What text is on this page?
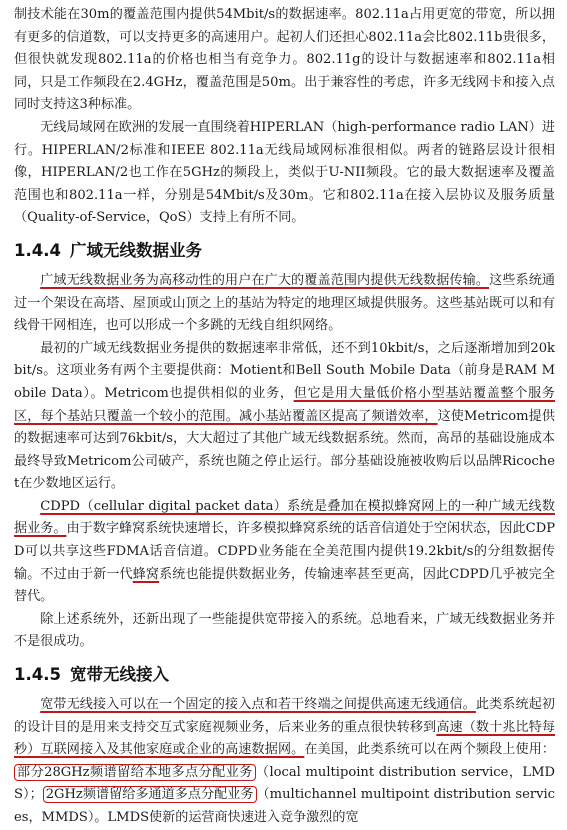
制技术能在30m的覆盖范围内提供54Mbit/s的数据速率。802.11a占用更宽的带宽，所以拥有更多的信道数，可以支持更多的高速用户。起初人们还担心802.11a会比802.11b贵很多，但很快就发现802.11a的价格也相当有竞争力。802.11g的设计与数据速率和802.11a相同，只是工作频段在2.4GHz，覆盖范围是50m。出于兼容性的考虑，许多无线网卡和接入点同时支持这3种标准。

无线局域网在欧洲的发展一直围绕着HIPERLAN（high-performance radio LAN）进行。HIPERLAN/2标准和IEEE 802.11a无线局域网标准很相似。两者的链路层设计很相像，HIPERLAN/2也工作在5GHz的频段上，类似于U-NII频段。它的最大数据速率及覆盖范围也和802.11a一样，分别是54Mbit/s及30m。它和802.11a在接入层协议及服务质量（Quality-of-Service，QoS）支持上有所不同。

1.4.4 广域无线数据业务

广域无线数据业务为高移动性的用户在广大的覆盖范围内提供无线数据传输。这些系统通过一个架设在高塔、屋顶或山顶之上的基站为特定的地理区域提供服务。这些基站既可以和有线骨干网相连，也可以形成一个多跳的无线自组织网络。

最初的广域无线数据业务提供的数据速率非常低，还不到10kbit/s，之后逐渐增加到20kbit/s。这项业务有两个主要提供商：Motient和Bell South Mobile Data（前身是RAM Mobile Data）。Metricom也提供相似的业务，但它是用大量低价格小型基站覆盖整个服务区，每个基站只覆盖一个较小的范围。减小基站覆盖区提高了频谱效率，这使Metricom提供的数据速率可达到76kbit/s，大大超过了其他广域无线数据系统。然而，高昂的基础设施成本最终导致Metricom公司破产，系统也随之停止运行。部分基础设施被收购后以品牌Ricochet在少数地区运行。

CDPD（cellular digital packet data）系统是叠加在模拟蜂窝网上的一种广域无线数据业务。由于数字蜂窝系统快速增长，许多模拟蜂窝系统的话音信道处于空闲状态，因此CDPD可以共享这些FDMA话音信道。CDPD业务能在全美范围内提供19.2kbit/s的分组数据传输。不过由于新一代蜂窝系统也能提供数据业务，传输速率甚至更高，因此CDPD几乎被完全替代。

除上述系统外，还新出现了一些能提供宽带接入的系统。总地看来，广域无线数据业务并不是很成功。

1.4.5 宽带无线接入

宽带无线接入可以在一个固定的接入点和若干终端之间提供高速无线通信。此类系统起初的设计目的是用来支持交互式家庭视频业务，后来业务的重点很快转移到高速（数十兆比特每秒）互联网接入及其他家庭或企业的高速数据网。在美国，此类系统可以在两个频段上使用：部分28GHz频谱留给本地多点分配业务 （local multipoint distribution service，LMDS）； 2GHz频谱留给多通道多点分配业务 （multichannel multipoint distribution services，MMDS）。LMDS使新的运营商快速进入竞争激烈的宽
